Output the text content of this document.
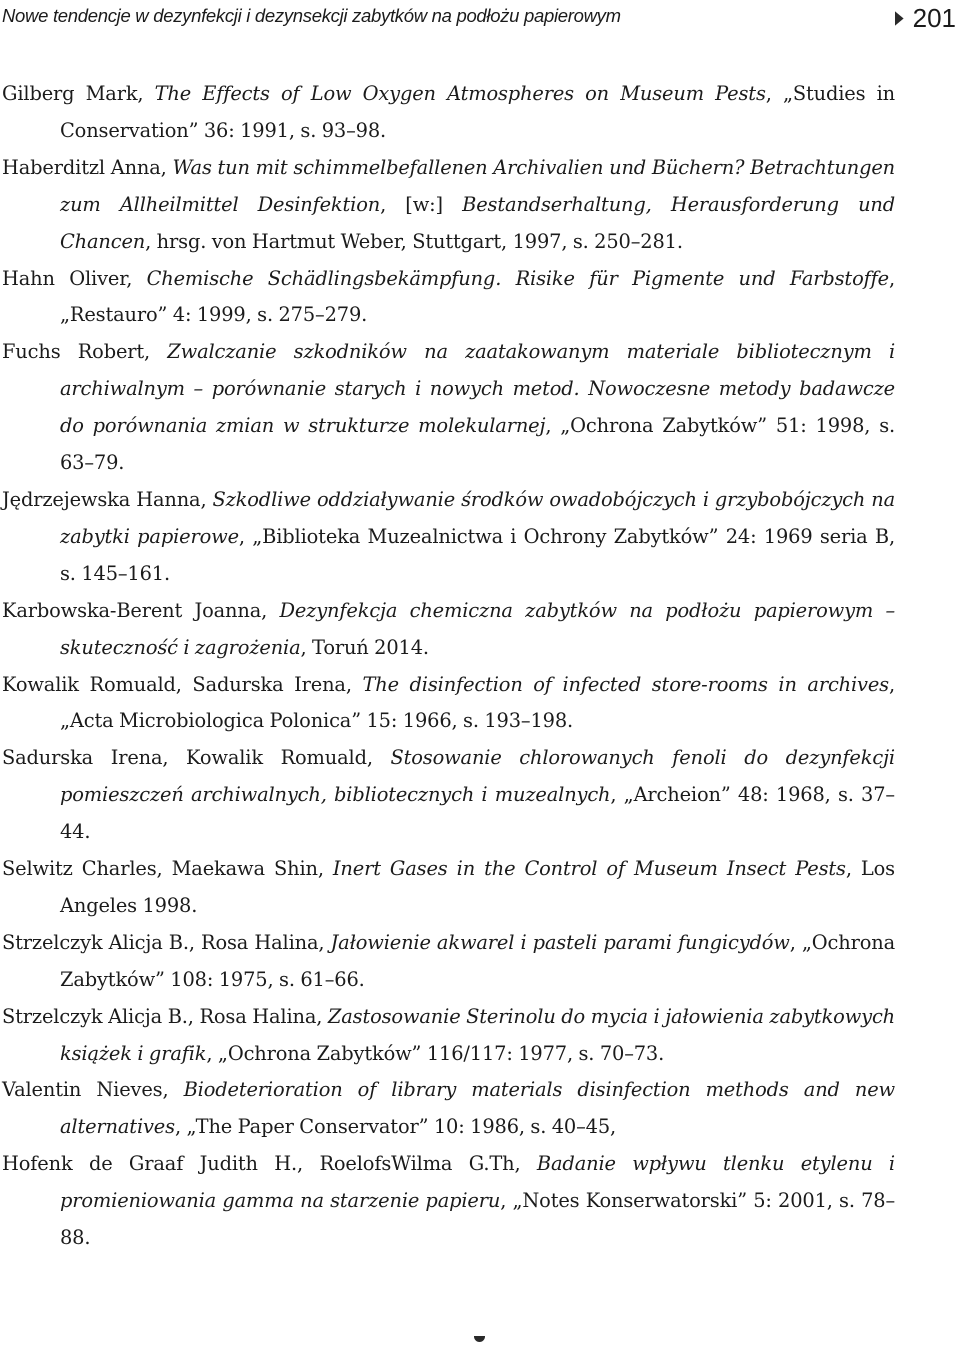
Nowe tendencje w dezynfekcji i dezynsekcji zabytków na podłożu papierowym	201
Gilberg Mark, The Effects of Low Oxygen Atmospheres on Museum Pests, „Studies in Conservation” 36: 1991, s. 93–98.
Haberditzl Anna, Was tun mit schimmelbefallenen Archivalien und Büchern? Betrachtungen zum Allheilmittel Desinfektion, [w:] Bestandserhaltung, Herausforderung und Chancen, hrsg. von Hartmut Weber, Stuttgart, 1997, s. 250–281.
Hahn Oliver, Chemische Schädlingsbekämpfung. Risike für Pigmente und Farbstoffe, „Restauro” 4: 1999, s. 275–279.
Fuchs Robert, Zwalczanie szkodników na zaatakowanym materiale bibliotecznym i archiwalnym – porównanie starych i nowych metod. Nowoczesne metody badawcze do porównania zmian w strukturze molekularnej, „Ochrona Zabytków” 51: 1998, s. 63–79.
Jędrzejewska Hanna, Szkodliwe oddziaływanie środków owadobójczych i grzybobójczych na zabytki papierowe, „Biblioteka Muzealnictwa i Ochrony Zabytków” 24: 1969 seria B, s. 145–161.
Karbowska-Berent Joanna, Dezynfekcja chemiczna zabytków na podłożu papierowym – skuteczność i zagrożenia, Toruń 2014.
Kowalik Romuald, Sadurska Irena, The disinfection of infected store-rooms in archives, „Acta Microbiologica Polonica” 15: 1966, s. 193–198.
Sadurska Irena, Kowalik Romuald, Stosowanie chlorowanych fenoli do dezynfekcji pomieszczeń archiwalnych, bibliotecznych i muzealnych, „Archeion” 48: 1968, s. 37–44.
Selwitz Charles, Maekawa Shin, Inert Gases in the Control of Museum Insect Pests, Los Angeles 1998.
Strzelczyk Alicja B., Rosa Halina, Jałowienie akwarel i pasteli parami fungicydów, „Ochrona Zabytków” 108: 1975, s. 61–66.
Strzelczyk Alicja B., Rosa Halina, Zastosowanie Sterinolu do mycia i jałowienia zabytkowych książek i grafik, „Ochrona Zabytków” 116/117: 1977, s. 70–73.
Valentin Nieves, Biodeterioration of library materials disinfection methods and new alternatives, „The Paper Conservator” 10: 1986, s. 40–45,
Hofenk de Graaf Judith H., RoelofsWilma G.Th, Badanie wpływu tlenku etylenu i promieniowania gamma na starzenie papieru, „Notes Konserwatorski” 5: 2001, s. 78–88.
